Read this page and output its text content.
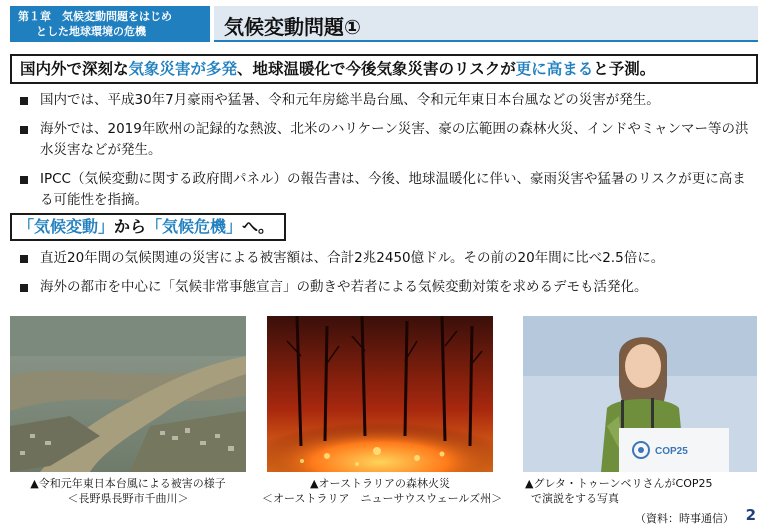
第１章　気候変動問題をはじめ
とした地球環境の危機	気候変動問題①
国内外で深刻な気象災害が多発、地球温暖化で今後気象災害のリスクが更に高まると予測。
国内では、平成30年7月豪雨や猛暑、令和元年房総半島台風、令和元年東日本台風などの災害が発生。
海外では、2019年欧州の記録的な熱波、北米のハリケーン災害、豪の広範囲の森林火災、インドやミャンマー等の洪水災害などが発生。
IPCC（気候変動に関する政府間パネル）の報告書は、今後、地球温暖化に伴い、豪雨災害や猛暑のリスクが更に高まる可能性を指摘。
「気候変動」から「気候危機」へ。
直近20年間の気候関連の災害による被害額は、合計2兆2450億ドル。その前の20年間に比べ2.5倍に。
海外の都市を中心に「気候非常事態宣言」の動きや若者による気候変動対策を求めるデモも活発化。
▲令和元年東日本台風による被害の様子
＜長野県長野市千曲川＞
▲オーストラリアの森林火災
＜オーストラリア　ニューサウスウェールズ州＞
COP25
▲グレタ・トゥーンベリさんがCOP25
で演説をする写真
（資料：時事通信） 2
